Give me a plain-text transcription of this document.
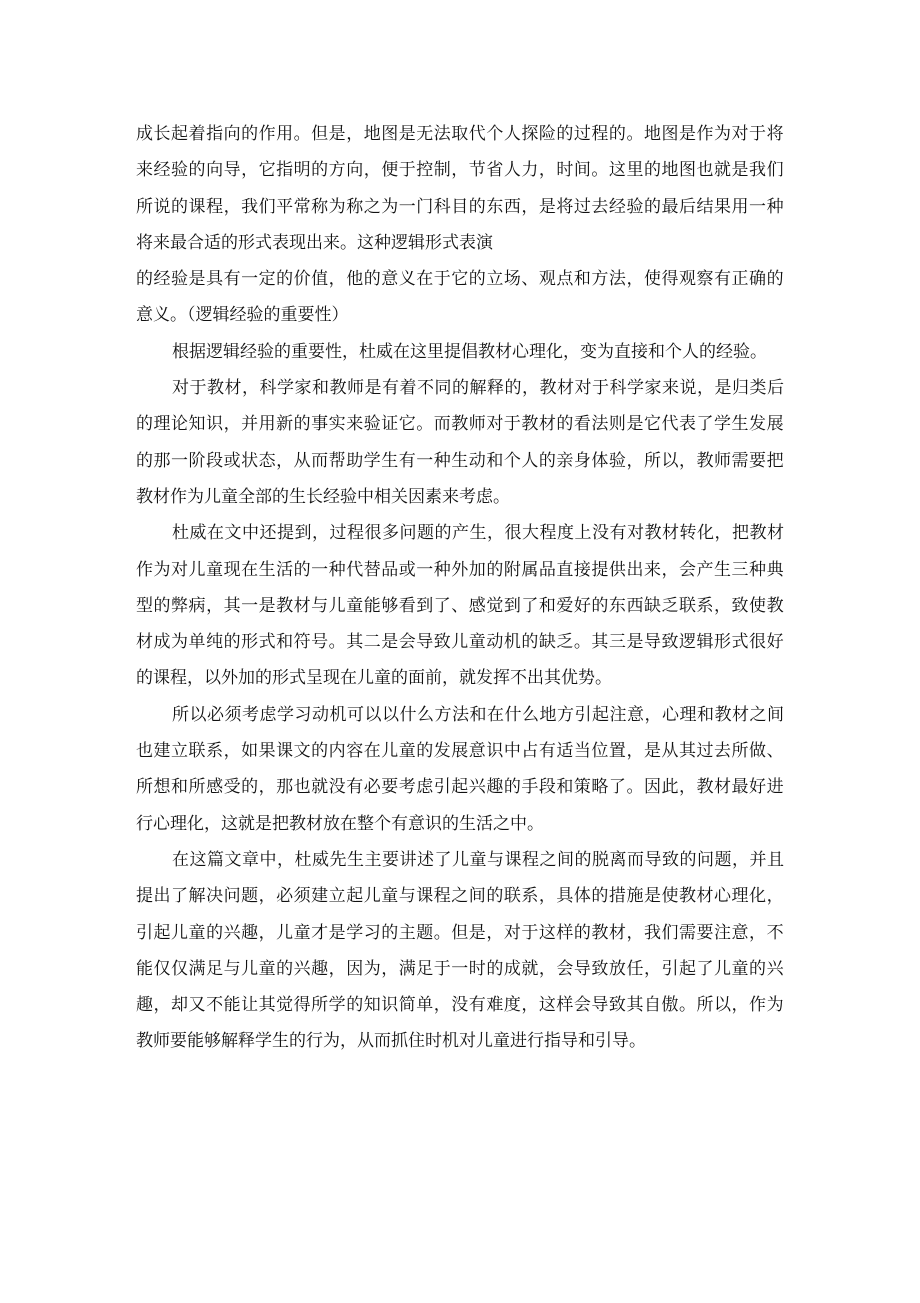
成 长 起 着 指 向 的 作 用 。 但 是 ， 地 图 是 无 法 取 代 个 人 探 险 的 过 程 的 。 地 图 是 作 为 对 于 将
来 经 验 的 向 导 ， 它 指 明 的 方 向 ， 便 于 控 制 ， 节 省 人 力 ， 时 间 。 这 里 的 地 图 也 就 是 我 们
所 说 的 课 程 ， 我 们 平 常 称 为 称 之 为 一 门 科 目 的 东 西 ， 是 将 过 去 经 验 的 最 后 结 果 用 一 种
将来最合适的形式表现出来。这种逻辑形式表演
的 经 验 是 具 有 一 定 的 价 值 ， 他 的 意 义 在 于 它 的 立 场 、 观 点 和 方 法 ， 使 得 观 察 有 正 确 的
意义。（逻辑经验的重要性）
根据逻辑经验的重要性，杜威在这里提倡教材心理化，变为直接和个人的经验。
对 于 教 材 ， 科 学 家 和 教 师 是 有 着 不 同 的 解 释 的 ， 教 材 对 于 科 学 家 来 说 ， 是 归 类 后
的 理 论 知 识 ， 并 用 新 的 事 实 来 验 证 它 。 而 教 师 对 于 教 材 的 看 法 则 是 它 代 表 了 学 生 发 展
的 那 一 阶 段 或 状 态 ， 从 而 帮 助 学 生 有 一 种 生 动 和 个 人 的 亲 身 体 验 ， 所 以 ， 教 师 需 要 把
教材作为儿童全部的生长经验中相关因素来考虑。
杜 威 在 文 中 还 提 到 ， 过 程 很 多 问 题 的 产 生 ， 很 大 程 度 上 没 有 对 教 材 转 化 ， 把 教 材
作 为 对 儿 童 现 在 生 活 的 一 种 代 替 品 或 一 种 外 加 的 附 属 品 直 接 提 供 出 来 ， 会 产 生 三 种 典
型 的 弊 病 ， 其 一 是 教 材 与 儿 童 能 够 看 到 了 、 感 觉 到 了 和 爱 好 的 东 西 缺 乏 联 系 ， 致 使 教
材 成 为 单 纯 的 形 式 和 符 号 。 其 二 是 会 导 致 儿 童 动 机 的 缺 乏 。 其 三 是 导 致 逻 辑 形 式 很 好
的课程，以外加的形式呈现在儿童的面前，就发挥不出其优势。
所 以 必 须 考 虑 学 习 动 机 可 以 以 什 么 方 法 和 在 什 么 地 方 引 起 注 意 ， 心 理 和 教 材 之 间
也 建 立 联 系 ， 如 果 课 文 的 内 容 在 儿 童 的 发 展 意 识 中 占 有 适 当 位 置 ， 是 从 其 过 去 所 做 、
所 想 和 所 感 受 的 ， 那 也 就 没 有 必 要 考 虑 引 起 兴 趣 的 手 段 和 策 略 了 。 因 此 ， 教 材 最 好 进
行心理化，这就是把教材放在整个有意识的生活之中。
在 这 篇 文 章 中 ， 杜 威 先 生 主 要 讲 述 了 儿 童 与 课 程 之 间 的 脱 离 而 导 致 的 问 题 ， 并 且
提 出 了 解 决 问 题 ， 必 须 建 立 起 儿 童 与 课 程 之 间 的 联 系 ， 具 体 的 措 施 是 使 教 材 心 理 化 ，
引 起 儿 童 的 兴 趣 ， 儿 童 才 是 学 习 的 主 题 。 但 是 ， 对 于 这 样 的 教 材 ， 我 们 需 要 注 意 ， 不
能 仅 仅 满 足 与 儿 童 的 兴 趣 ， 因 为 ， 满 足 于 一 时 的 成 就 ， 会 导 致 放 任 ， 引 起 了 儿 童 的 兴
趣 ， 却 又 不 能 让 其 觉 得 所 学 的 知 识 简 单 ， 没 有 难 度 ， 这 样 会 导 致 其 自 傲 。 所 以 ， 作 为
教师要能够解释学生的行为，从而抓住时机对儿童进行指导和引导。
